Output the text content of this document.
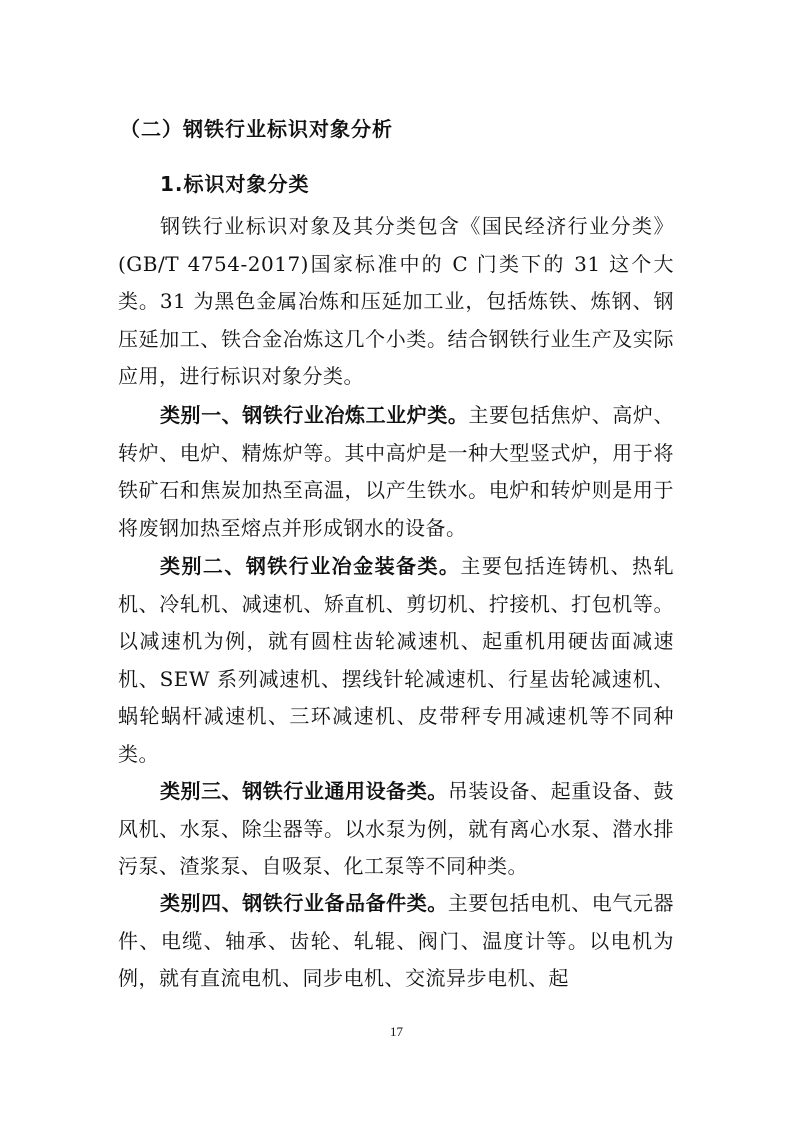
（二）钢铁行业标识对象分析
1.标识对象分类

钢铁行业标识对象及其分类包含《国民经济行业分类》(GB/T 4754-2017)国家标准中的 C 门类下的 31 这个大类。31 为黑色金属冶炼和压延加工业，包括炼铁、炼钢、钢压延加工、铁合金冶炼这几个小类。结合钢铁行业生产及实际应用，进行标识对象分类。

类别一、钢铁行业冶炼工业炉类。主要包括焦炉、高炉、转炉、电炉、精炼炉等。其中高炉是一种大型竖式炉，用于将铁矿石和焦炭加热至高温，以产生铁水。电炉和转炉则是用于将废钢加热至熔点并形成钢水的设备。

类别二、钢铁行业冶金装备类。主要包括连铸机、热轧机、冷轧机、减速机、矫直机、剪切机、拧接机、打包机等。以减速机为例，就有圆柱齿轮减速机、起重机用硬齿面减速机、SEW 系列减速机、摆线针轮减速机、行星齿轮减速机、蜗轮蜗杆减速机、三环减速机、皮带秤专用减速机等不同种类。

类别三、钢铁行业通用设备类。吊装设备、起重设备、鼓风机、水泵、除尘器等。以水泵为例，就有离心水泵、潜水排污泵、渣浆泵、自吸泵、化工泵等不同种类。

类别四、钢铁行业备品备件类。主要包括电机、电气元器件、电缆、轴承、齿轮、轧辊、阀门、温度计等。以电机为例，就有直流电机、同步电机、交流异步电机、起

17
